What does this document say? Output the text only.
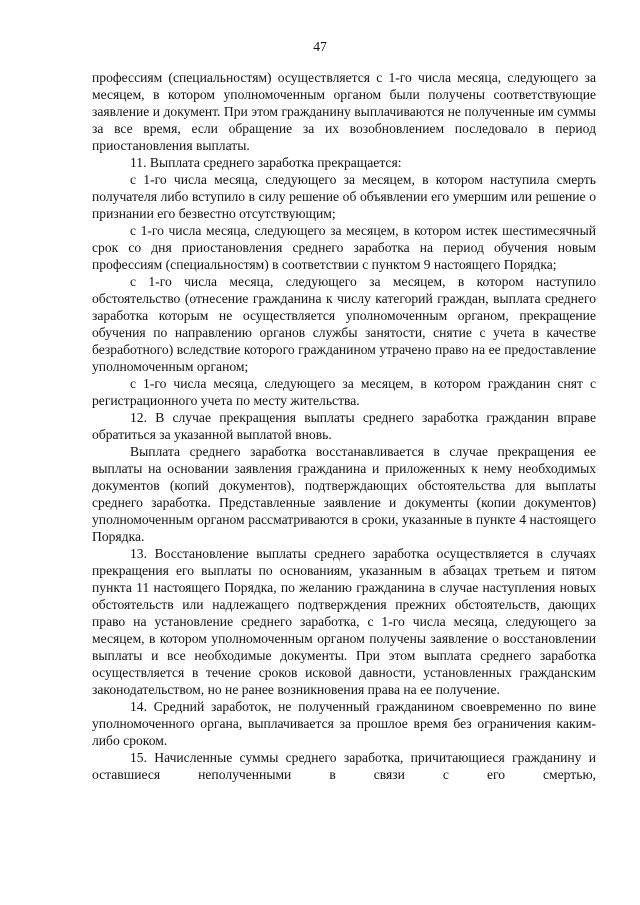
47

профессиям (специальностям) осуществляется с 1-го числа месяца, следующего за месяцем, в котором уполномоченным органом были получены соответствующие заявление и документ. При этом гражданину выплачиваются не полученные им суммы за все время, если обращение за их возобновлением последовало в период приостановления выплаты.

11. Выплата среднего заработка прекращается:

с 1-го числа месяца, следующего за месяцем, в котором наступила смерть получателя либо вступило в силу решение об объявлении его умершим или решение о признании его безвестно отсутствующим;

с 1-го числа месяца, следующего за месяцем, в котором истек шестимесячный срок со дня приостановления среднего заработка на период обучения новым профессиям (специальностям) в соответствии с пунктом 9 настоящего Порядка;

с 1-го числа месяца, следующего за месяцем, в котором наступило обстоятельство (отнесение гражданина к числу категорий граждан, выплата среднего заработка которым не осуществляется уполномоченным органом, прекращение обучения по направлению органов службы занятости, снятие с учета в качестве безработного) вследствие которого гражданином утрачено право на ее предоставление уполномоченным органом;

с 1-го числа месяца, следующего за месяцем, в котором гражданин снят с регистрационного учета по месту жительства.

12. В случае прекращения выплаты среднего заработка гражданин вправе обратиться за указанной выплатой вновь.

Выплата среднего заработка восстанавливается в случае прекращения ее выплаты на основании заявления гражданина и приложенных к нему необходимых документов (копий документов), подтверждающих обстоятельства для выплаты среднего заработка. Представленные заявление и документы (копии документов) уполномоченным органом рассматриваются в сроки, указанные в пункте 4 настоящего Порядка.

13. Восстановление выплаты среднего заработка осуществляется в случаях прекращения его выплаты по основаниям, указанным в абзацах третьем и пятом пункта 11 настоящего Порядка, по желанию гражданина в случае наступления новых обстоятельств или надлежащего подтверждения прежних обстоятельств, дающих право на установление среднего заработка, с 1-го числа месяца, следующего за месяцем, в котором уполномоченным органом получены заявление о восстановлении выплаты и все необходимые документы. При этом выплата среднего заработка осуществляется в течение сроков исковой давности, установленных гражданским законодательством, но не ранее возникновения права на ее получение.

14. Средний заработок, не полученный гражданином своевременно по вине уполномоченного органа, выплачивается за прошлое время без ограничения каким-либо сроком.

15. Начисленные суммы среднего заработка, причитающиеся гражданину и оставшиеся неполученными в связи с его смертью,
